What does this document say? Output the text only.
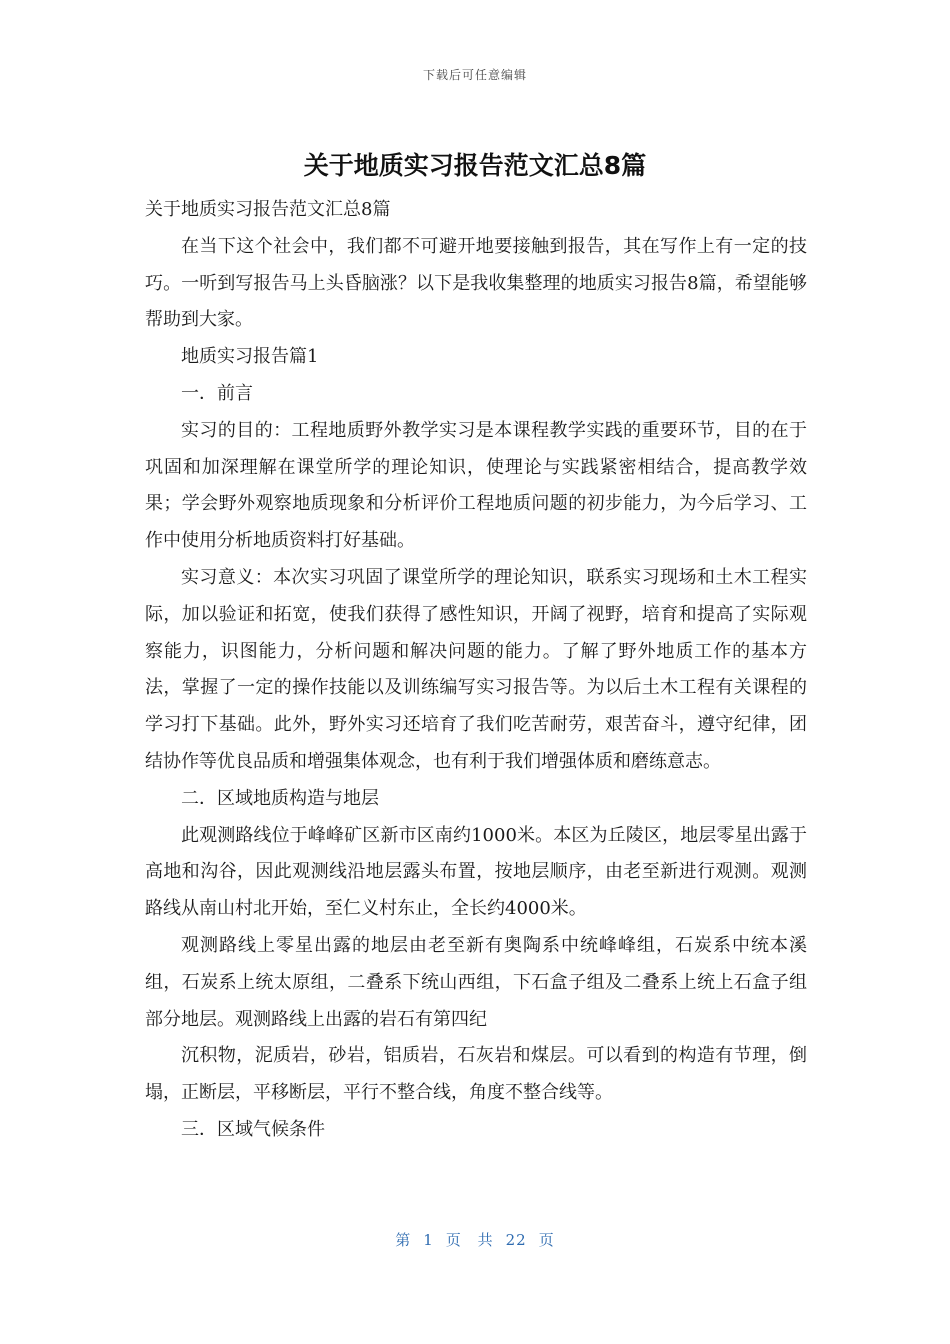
下载后可任意编辑
关于地质实习报告范文汇总8篇

关于地质实习报告范文汇总8篇

在当下这个社会中，我们都不可避开地要接触到报告，其在写作上有一定的技巧。一听到写报告马上头昏脑涨？以下是我收集整理的地质实习报告8篇，希望能够帮助到大家。

地质实习报告篇1

一．前言

实习的目的：工程地质野外教学实习是本课程教学实践的重要环节，目的在于巩固和加深理解在课堂所学的理论知识，使理论与实践紧密相结合，提高教学效果；学会野外观察地质现象和分析评价工程地质问题的初步能力，为今后学习、工作中使用分析地质资料打好基础。

实习意义：本次实习巩固了课堂所学的理论知识，联系实习现场和土木工程实际，加以验证和拓宽，使我们获得了感性知识，开阔了视野，培育和提高了实际观察能力，识图能力，分析问题和解决问题的能力。了解了野外地质工作的基本方法，掌握了一定的操作技能以及训练编写实习报告等。为以后土木工程有关课程的学习打下基础。此外，野外实习还培育了我们吃苦耐劳，艰苦奋斗，遵守纪律，团结协作等优良品质和增强集体观念，也有利于我们增强体质和磨练意志。

二．区域地质构造与地层

此观测路线位于峰峰矿区新市区南约1000米。本区为丘陵区，地层零星出露于高地和沟谷，因此观测线沿地层露头布置，按地层顺序，由老至新进行观测。观测路线从南山村北开始，至仁义村东止，全长约4000米。

观测路线上零星出露的地层由老至新有奥陶系中统峰峰组，石炭系中统本溪组，石炭系上统太原组，二叠系下统山西组，下石盒子组及二叠系上统上石盒子组部分地层。观测路线上出露的岩石有第四纪

沉积物，泥质岩，砂岩，铝质岩，石灰岩和煤层。可以看到的构造有节理，倒塌，正断层，平移断层，平行不整合线，角度不整合线等。

三．区域气候条件

第 1 页 共 22 页
